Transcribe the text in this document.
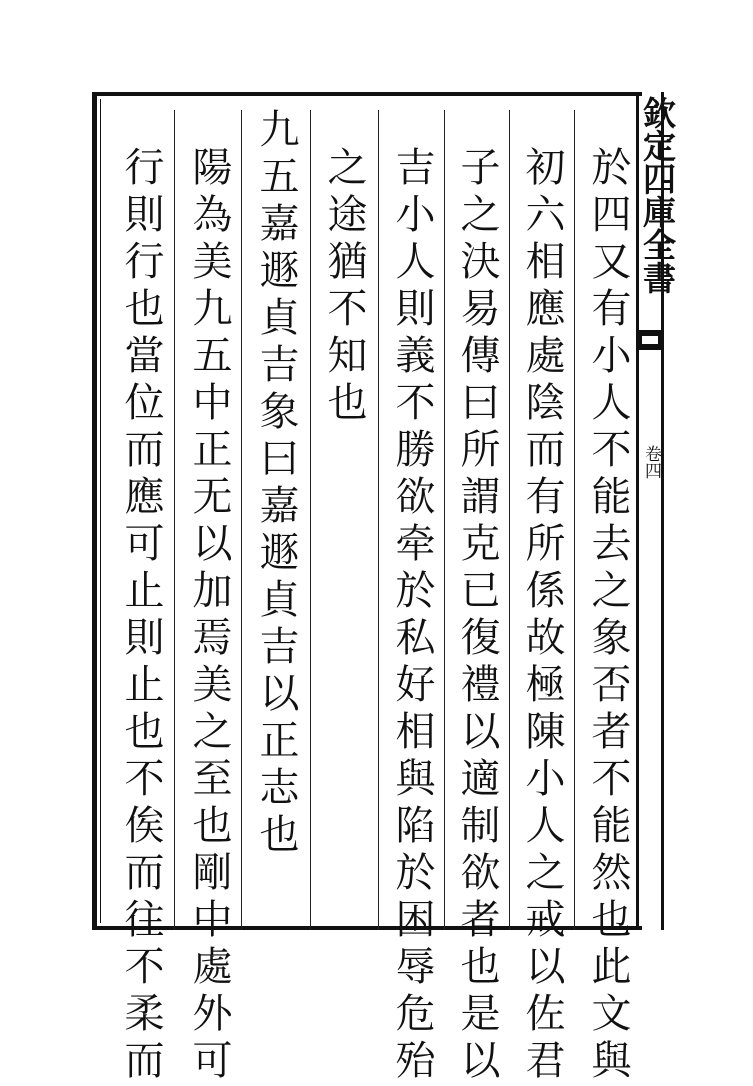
欽定四庫全書
卷四
於四又有小人不能去之象否者不能然也此文與
初六相應處陰而有所係故極陳小人之戒以佐君
子之決易傳曰所謂克已復禮以適制欲者也是以
吉小人則義不勝欲牵於私好相與陷於困辱危殆
之途猶不知也
九五嘉遯貞吉象曰嘉遯貞吉以正志也
陽為美九五中正无以加焉美之至也剛中處外可
行則行也當位而應可止則止也不俟而往不柔而
